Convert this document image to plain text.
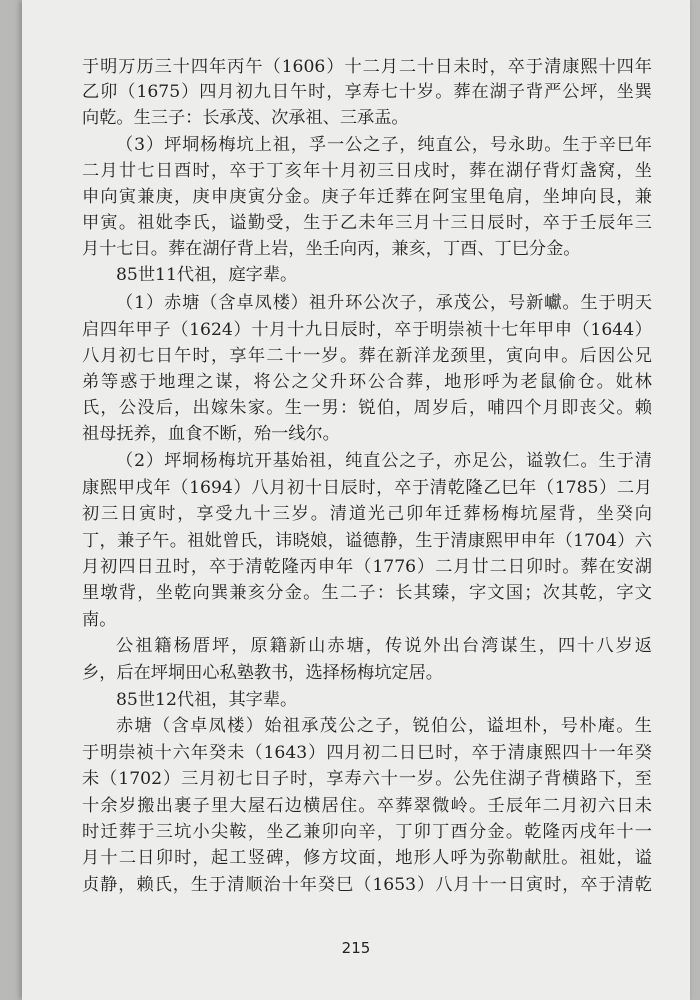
于明万历三十四年丙午（1606）十二月二十日未时，卒于清康熙十四年
乙卯（1675）四月初九日午时，享寿七十岁。葬在湖子背严公坪，坐巽
向乾。生三子：长承茂、次承祖、三承盂。
（3）坪垌杨梅坑上祖，孚一公之子，纯直公，号永助。生于辛巳年
二月廿七日酉时，卒于丁亥年十月初三日戌时，葬在湖仔背灯盏窝，坐
申向寅兼庚，庚申庚寅分金。庚子年迁葬在阿宝里龟肩，坐坤向艮，兼
甲寅。祖妣李氏，谥勤受，生于乙未年三月十三日辰时，卒于壬辰年三
月十七日。葬在湖仔背上岩，坐壬向丙，兼亥，丁酉、丁巳分金。
85世11代祖，庭字辈。
（1）赤塘（含卓凤楼）祖升环公次子，承茂公，号新巘。生于明天
启四年甲子（1624）十月十九日辰时，卒于明崇祯十七年甲申（1644）
八月初七日午时，享年二十一岁。葬在新洋龙颈里，寅向申。后因公兄
弟等惑于地理之谋，将公之父升环公合葬，地形呼为老鼠偷仓。妣林
氏，公没后，出嫁朱家。生一男：锐伯，周岁后，哺四个月即丧父。赖
祖母抚养，血食不断，殆一线尔。
（2）坪垌杨梅坑开基始祖，纯直公之子，亦足公，谥敦仁。生于清
康熙甲戌年（1694）八月初十日辰时，卒于清乾隆乙巳年（1785）二月
初三日寅时，享受九十三岁。清道光己卯年迁葬杨梅坑屋背，坐癸向
丁，兼子午。祖妣曾氏，讳晓娘，谥德静，生于清康熙甲申年（1704）六
月初四日丑时，卒于清乾隆丙申年（1776）二月廿二日卯时。葬在安湖
里墩背，坐乾向巽兼亥分金。生二子：长其臻，字文国；次其乾，字文
南。
公祖籍杨厝坪，原籍新山赤塘，传说外出台湾谋生，四十八岁返
乡，后在坪垌田心私塾教书，选择杨梅坑定居。
85世12代祖，其字辈。
赤塘（含卓凤楼）始祖承茂公之子，锐伯公，谥坦朴，号朴庵。生
于明崇祯十六年癸未（1643）四月初二日巳时，卒于清康熙四十一年癸
未（1702）三月初七日子时，享寿六十一岁。公先住湖子背横路下，至
十余岁搬出裹子里大屋石边横居住。卒葬翠微岭。壬辰年二月初六日未
时迁葬于三坑小尖鞍，坐乙兼卯向辛，丁卯丁酉分金。乾隆丙戌年十一
月十二日卯时，起工竖碑，修方坟面，地形人呼为弥勒献肚。祖妣，谥
贞静，赖氏，生于清顺治十年癸巳（1653）八月十一日寅时，卒于清乾
215
